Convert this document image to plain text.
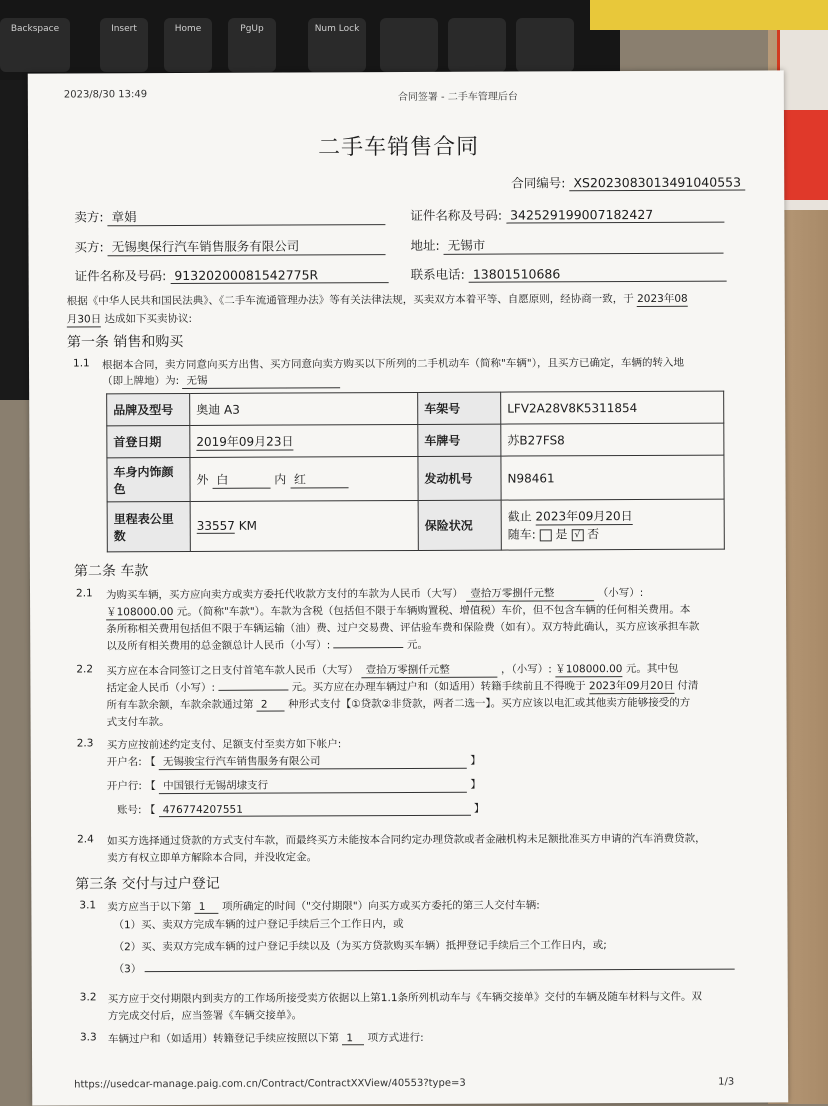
Backspace	Insert	Home	PgUp	Num Lock
2023/8/30 13:49	合同签署 - 二手车管理后台
二手车销售合同
合同编号: XS2023083013491040553
卖方: 章娟	证件名称及号码: 342529199007182427
买方: 无锡奥保行汽车销售服务有限公司	地址: 无锡市
证件名称及号码: 91320200081542775R	联系电话: 13801510686
根据《中华人民共和国民法典》、《二手车流通管理办法》等有关法律法规，买卖双方本着平等、自愿原则，经协商一致，于 2023年08
月30日 达成如下买卖协议:
第一条 销售和购买
1.1 根据本合同，卖方同意向买方出售、买方同意向卖方购买以下所列的二手机动车（简称"车辆"），且买方已确定，车辆的转入地
（即上牌地）为: 无锡
品牌及型号	奥迪 A3	车架号	LFV2A28V8K5311854
首登日期	2019年09月23日	车牌号	苏B27FS8
车身内饰颜色	外 白 内 红	发动机号	N98461
里程表公里数	33557 KM	保险状况	截止 2023年09月20日
随车: 是 √ 否
第二条 车款
2.1 为购买车辆，买方应向卖方或卖方委托代收款方支付的车款为人民币（大写） 壹拾万零捌仟元整	（小写）:
￥108000.00 元。（简称"车款"）。车款为含税（包括但不限于车辆购置税、增值税）车价，但不包含车辆的任何相关费用。本
条所称相关费用包括但不限于车辆运输（油）费、过户交易费、评估验车费和保险费（如有）。双方特此确认，买方应该承担车款
以及所有相关费用的总金额总计人民币（小写）:	元。
2.2 买方应在本合同签订之日支付首笔车款人民币（大写） 壹拾万零捌仟元整	，（小写）: ￥108000.00 元。其中包
括定金人民币（小写）:	元。买方应在办理车辆过户和（如适用）转籍手续前且不得晚于 2023年09月20日 付清
所有车款余额，车款余款通过第 2 种形式支付【①贷款②非贷款，两者二选一】。买方应该以电汇或其他卖方能够接受的方
式支付车款。
2.3 买方应按前述约定支付、足额支付至卖方如下帐户:
开户名: 【 无锡骏宝行汽车销售服务有限公司	】
开户行: 【 中国银行无锡胡埭支行	】
账号: 【 476774207551	】
2.4 如买方选择通过贷款的方式支付车款，而最终买方未能按本合同约定办理贷款或者金融机构未足额批准买方申请的汽车消费贷款，
卖方有权立即单方解除本合同，并没收定金。
第三条 交付与过户登记
3.1 卖方应当于以下第 1 项所确定的时间（"交付期限"）向买方或买方委托的第三人交付车辆:
（1）买、卖双方完成车辆的过户登记手续后三个工作日内，或
（2）买、卖双方完成车辆的过户登记手续以及（为买方贷款购买车辆）抵押登记手续后三个工作日内，或;
（3）
3.2 买方应于交付期限内到卖方的工作场所接受卖方依据以上第1.1条所列机动车与《车辆交接单》交付的车辆及随车材料与文件。双
方完成交付后，应当签署《车辆交接单》。
3.3 车辆过户和（如适用）转籍登记手续应按照以下第 1 项方式进行:
https://usedcar-manage.paig.com.cn/Contract/ContractXXView/40553?type=3	1/3
